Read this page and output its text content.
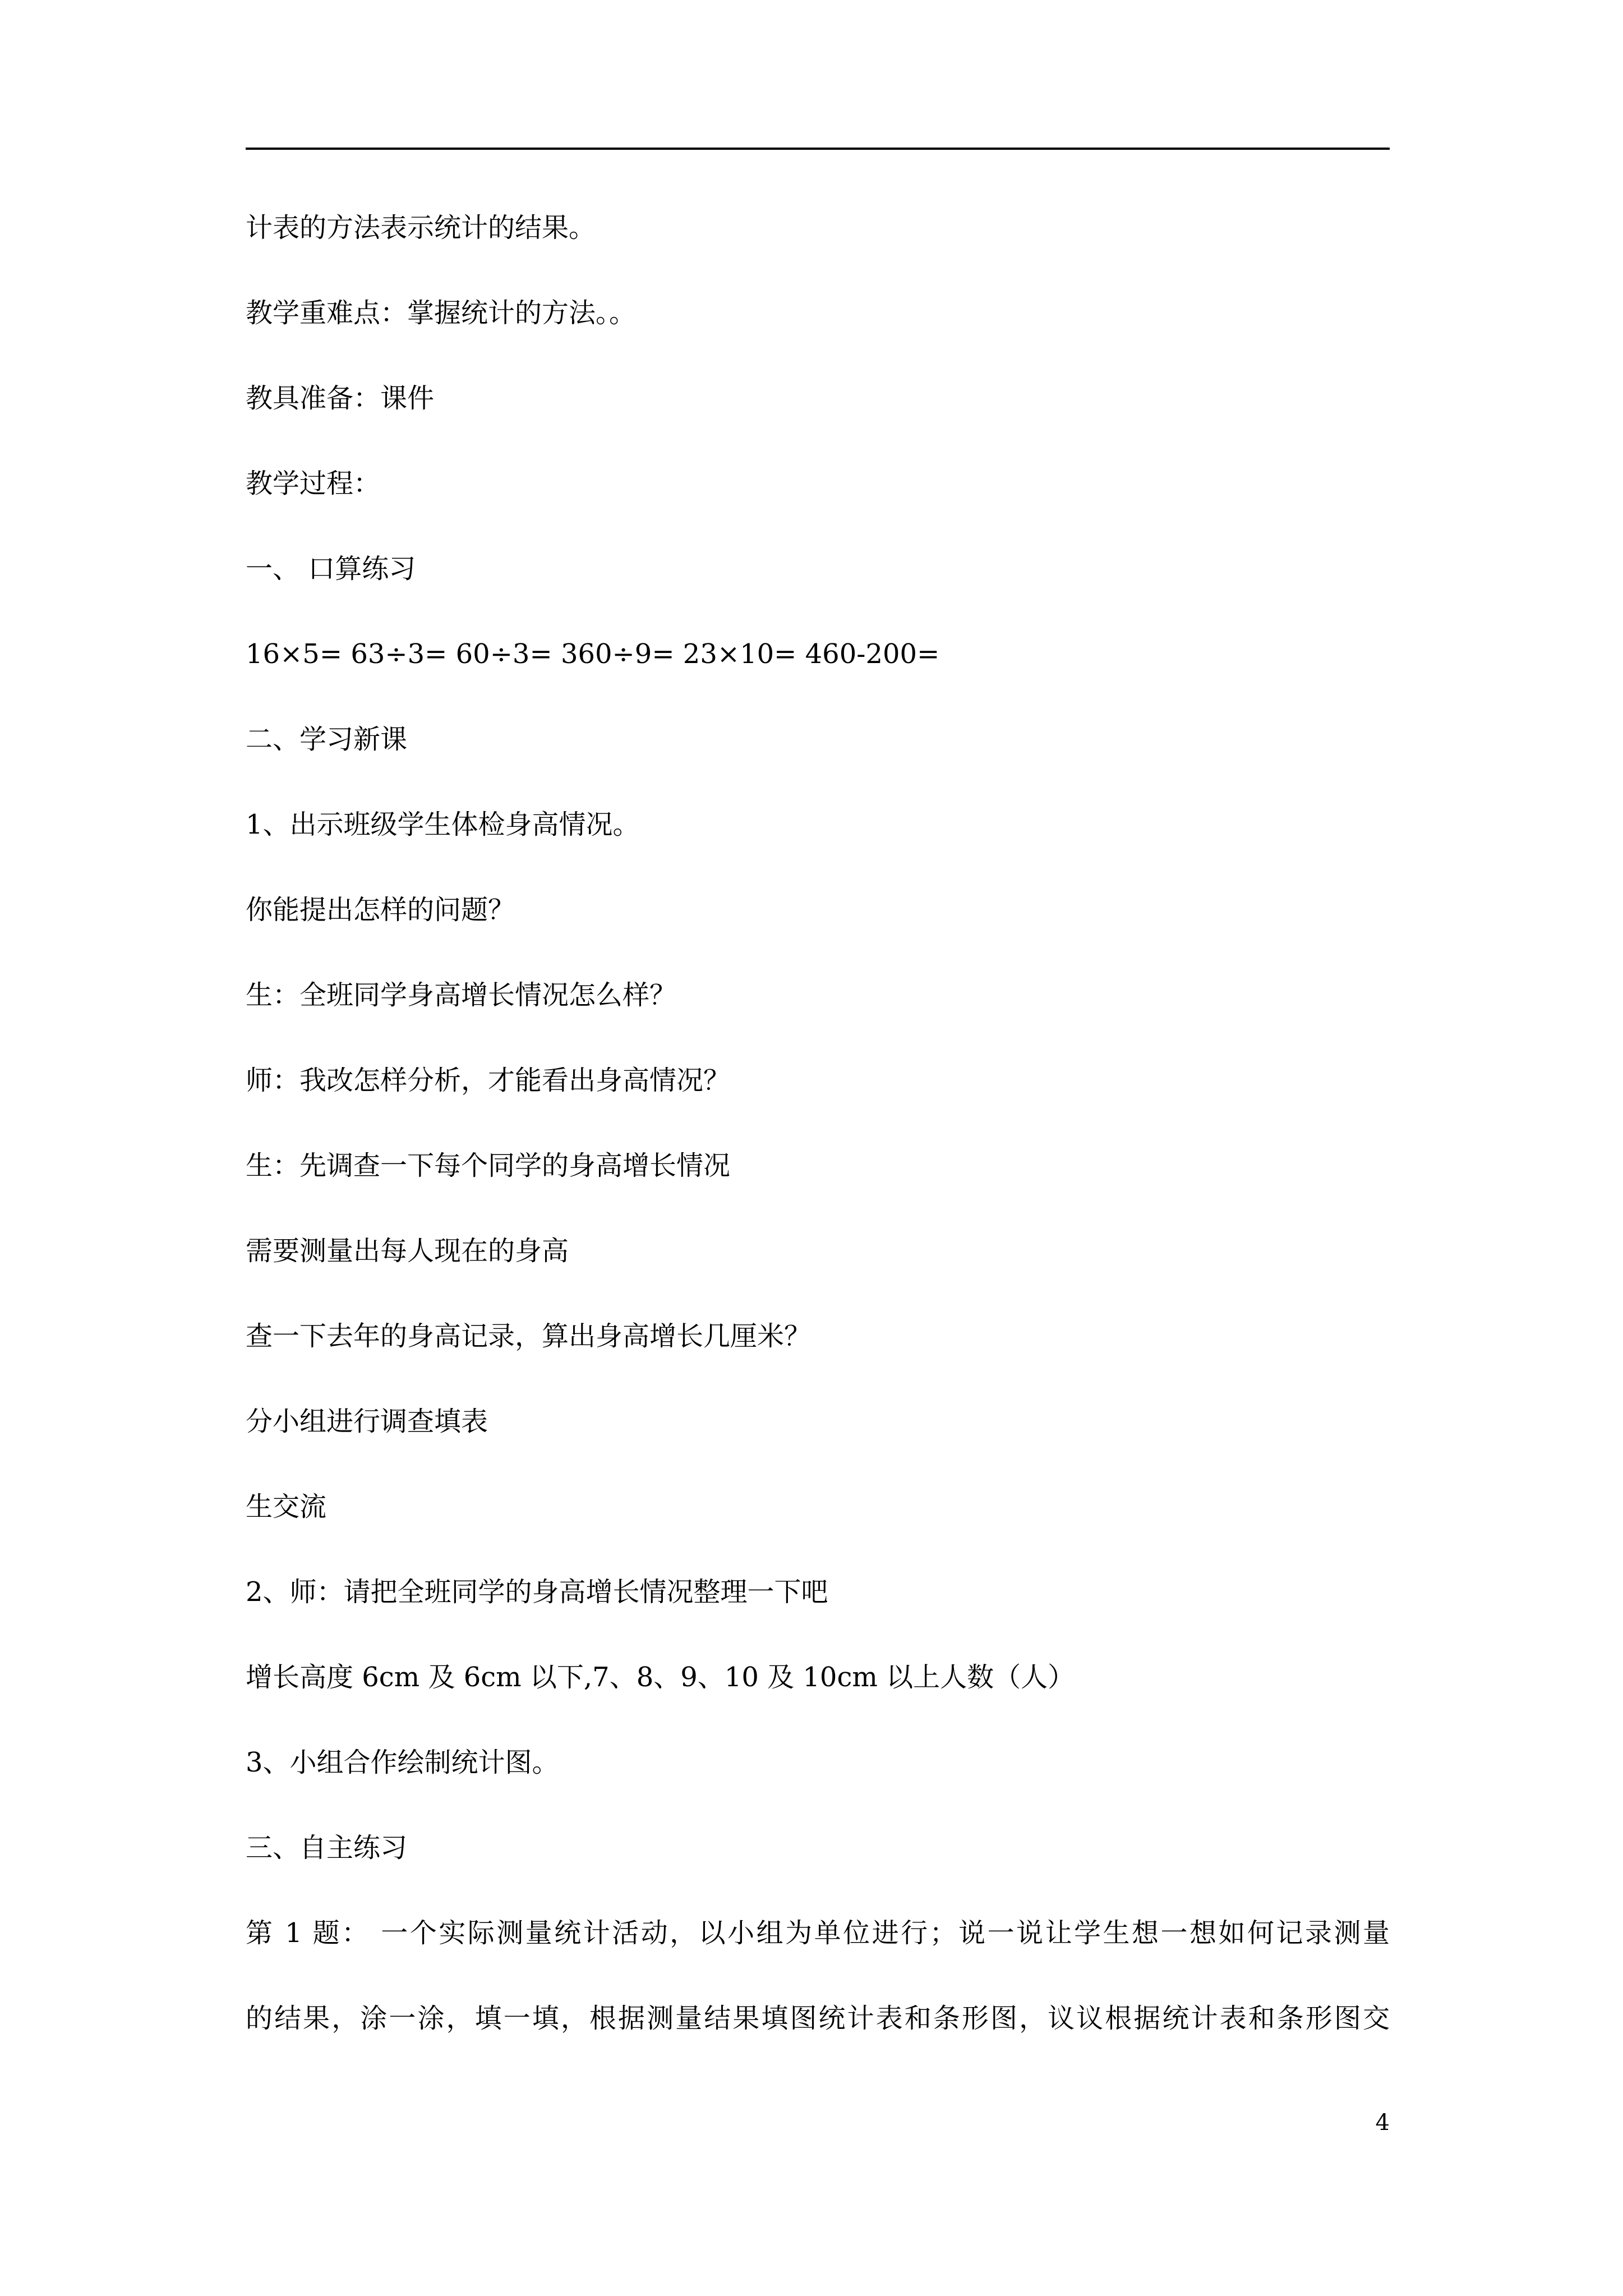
计表的方法表示统计的结果。
教学重难点：掌握统计的方法。。
教具准备：课件
教学过程：
一、 口算练习
16×5= 63÷3= 60÷3= 360÷9= 23×10= 460-200=
二、学习新课
1、出示班级学生体检身高情况。
你能提出怎样的问题？
生：全班同学身高增长情况怎么样？
师：我改怎样分析，才能看出身高情况？
生：先调查一下每个同学的身高增长情况
需要测量出每人现在的身高
查一下去年的身高记录，算出身高增长几厘米？
分小组进行调查填表
生交流
2、师：请把全班同学的身高增长情况整理一下吧
增长高度 6cm 及 6cm 以下,7、8、9、10 及 10cm 以上人数（人）
3、小组合作绘制统计图。
三、自主练习
第 1 题： 一个实际测量统计活动，以小组为单位进行；说一说让学生想一想如何记录测量
的结果，涂一涂，填一填，根据测量结果填图统计表和条形图，议议根据统计表和条形图交
4
